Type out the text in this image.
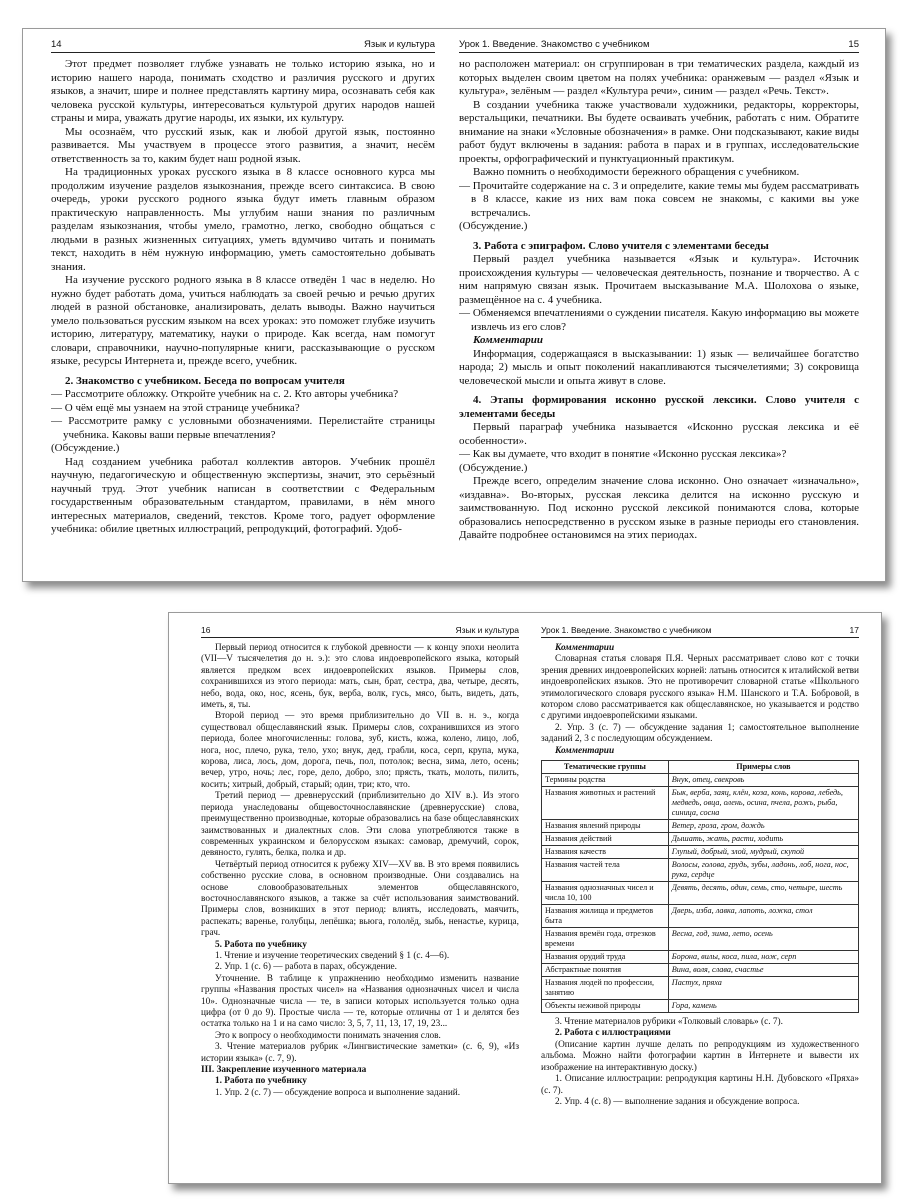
14	Язык и культура

Этот предмет позволяет глубже узнавать не только историю языка, но и историю нашего народа, понимать сходство и различия русского и других языков, а значит, шире и полнее представлять картину мира, осознавать себя как человека русской культуры, интересоваться культурой других народов нашей страны и мира, уважать другие народы, их языки, их культуру.

Мы осознаём, что русский язык, как и любой другой язык, постоянно развивается. Мы участвуем в процессе этого развития, а значит, несём ответственность за то, каким будет наш родной язык.

На традиционных уроках русского языка в 8 классе основного курса мы продолжим изучение разделов языкознания, прежде всего синтаксиса. В свою очередь, уроки русского родного языка будут иметь главным образом практическую направленность. Мы углубим наши знания по различным разделам языкознания, чтобы умело, грамотно, легко, свободно общаться с людьми в разных жизненных ситуациях, уметь вдумчиво читать и понимать текст, находить в нём нужную информацию, уметь самостоятельно добывать знания.

На изучение русского родного языка в 8 классе отведён 1 час в неделю. Но нужно будет работать дома, учиться наблюдать за своей речью и речью других людей в разной обстановке, анализировать, делать выводы. Важно научиться умело пользоваться русским языком на всех уроках: это поможет глубже изучить историю, литературу, математику, науки о природе. Как всегда, нам помогут словари, справочники, научно-популярные книги, рассказывающие о русском языке, ресурсы Интернета и, прежде всего, учебник.

2. Знакомство с учебником. Беседа по вопросам учителя

— Рассмотрите обложку. Откройте учебник на с. 2. Кто авторы учебника?

— О чём ещё мы узнаем на этой странице учебника?

— Рассмотрите рамку с условными обозначениями. Перелистайте страницы учебника. Каковы ваши первые впечатления?

(Обсуждение.)

Над созданием учебника работал коллектив авторов. Учебник прошёл научную, педагогическую и общественную экспертизы, значит, это серьёзный научный труд. Этот учебник написан в соответствии с Федеральным государственным образовательным стандартом, правилами, в нём много интересных материалов, сведений, текстов. Кроме того, радует оформление учебника: обилие цветных иллюстраций, репродукций, фотографий. Удоб-

Урок 1. Введение. Знакомство с учебником	15

но расположен материал: он сгруппирован в три тематических раздела, каждый из которых выделен своим цветом на полях учебника: оранжевым — раздел «Язык и культура», зелёным — раздел «Культура речи», синим — раздел «Речь. Текст».

В создании учебника также участвовали художники, редакторы, корректоры, верстальщики, печатники. Вы будете осваивать учебник, работать с ним. Обратите внимание на знаки «Условные обозначения» в рамке. Они подсказывают, какие виды работ будут включены в задания: работа в парах и в группах, исследовательские проекты, орфографический и пунктуационный практикум.

Важно помнить о необходимости бережного обращения с учебником.

— Прочитайте содержание на с. 3 и определите, какие темы мы будем рассматривать в 8 классе, какие из них вам пока совсем не знакомы, с какими вы уже встречались.

(Обсуждение.)

3. Работа с эпиграфом. Слово учителя с элементами беседы

Первый раздел учебника называется «Язык и культура». Источник происхождения культуры — человеческая деятельность, познание и творчество. А с ним напрямую связан язык. Прочитаем высказывание М.А. Шолохова о языке, размещённое на с. 4 учебника.

— Обменяемся впечатлениями о суждении писателя. Какую информацию вы можете извлечь из его слов?

Комментарии

Информация, содержащаяся в высказывании: 1) язык — величайшее богатство народа; 2) мысль и опыт поколений накапливаются тысячелетиями; 3) сокровища человеческой мысли и опыта живут в слове.

4. Этапы формирования исконно русской лексики. Слово учителя с элементами беседы

Первый параграф учебника называется «Исконно русская лексика и её особенности».

— Как вы думаете, что входит в понятие «Исконно русская лексика»?

(Обсуждение.)

Прежде всего, определим значение слова исконно. Оно означает «изначально», «издавна». Во-вторых, русская лексика делится на исконно русскую и заимствованную. Под исконно русской лексикой понимаются слова, которые образовались непосредственно в русском языке в разные периоды его становления. Давайте подробнее остановимся на этих периодах.

16	Язык и культура

Первый период относится к глубокой древности — к концу эпохи неолита (VII—V тысячелетия до н. э.): это слова индоевропейского языка, который является предком всех индоевропейских языков. Примеры слов, сохранившихся из этого периода: мать, сын, брат, сестра, два, четыре, десять, небо, вода, око, нос, ясень, бук, верба, волк, гусь, мясо, быть, видеть, дать, иметь, я, ты.

Второй период — это время приблизительно до VII в. н. э., когда существовал общеславянский язык. Примеры слов, сохранившихся из этого периода, более многочисленны: голова, зуб, кисть, кожа, колено, лицо, лоб, нога, нос, плечо, рука, тело, ухо; внук, дед, грабли, коса, серп, крупа, мука, корова, лиса, лось, дом, дорога, печь, пол, потолок; весна, зима, лето, осень; вечер, утро, ночь; лес, горе, дело, добро, зло; прясть, ткать, молоть, пилить, косить; хитрый, добрый, старый; один, три; кто, что.

Третий период — древнерусский (приблизительно до XIV в.). Из этого периода унаследованы общевосточнославянские (древнерусские) слова, преимущественно производные, которые образовались на базе общеславянских заимствованных и диалектных слов. Эти слова употребляются также в современных украинском и белорусском языках: самовар, дремучий, сорок, девяносто, гулять, белка, полка и др.

Четвёртый период относится к рубежу XIV—XV вв. В это время появились собственно русские слова, в основном производные. Они создавались на основе словообразовательных элементов общеславянского, восточнославянского языков, а также за счёт использования заимствований. Примеры слов, возникших в этот период: влиять, исследовать, маячить, распекать; варенье, голубцы, лепёшка; вьюга, гололёд, зыбь, ненастье, курица, грач.

5. Работа по учебнику

1. Чтение и изучение теоретических сведений § 1 (с. 4—6).

2. Упр. 1 (с. 6) — работа в парах, обсуждение.

Уточнение. В таблице к упражнению необходимо изменить название группы «Названия простых чисел» на «Названия однозначных чисел и числа 10». Однозначные числа — те, в записи которых используется только одна цифра (от 0 до 9). Простые числа — те, которые отличны от 1 и делятся без остатка только на 1 и на само число: 3, 5, 7, 11, 13, 17, 19, 23...

Это к вопросу о необходимости понимать значения слов.

3. Чтение материалов рубрик «Лингвистические заметки» (с. 6, 9), «Из истории языка» (с. 7, 9).

III. Закрепление изученного материала

1. Работа по учебнику

1. Упр. 2 (с. 7) — обсуждение вопроса и выполнение заданий.

Урок 1. Введение. Знакомство с учебником	17

Комментарии

Словарная статья словаря П.Я. Черных рассматривает слово кот с точки зрения древних индоевропейских корней: латынь относится к италийской ветви индоевропейских языков. Это не противоречит словарной статье «Школьного этимологического словаря русского языка» Н.М. Шанского и Т.А. Бобровой, в котором слово рассматривается как общеславянское, но указывается и родство с другими индоевропейскими языками.

2. Упр. 3 (с. 7) — обсуждение задания 1; самостоятельное выполнение заданий 2, 3 с последующим обсуждением.

Комментарии

Тематические группы	Примеры слов
Термины родства	Внук, отец, свекровь
Названия животных и растений	Бык, верба, заяц, клён, коза, конь, корова, лебедь, медведь, овца, олень, осина, пчела, рожь, рыба, синица, сосна
Названия явлений природы	Ветер, гроза, гром, дождь
Названия действий	Дышать, жать, расти, ходить
Названия качеств	Глупый, добрый, злой, мудрый, скупой
Названия частей тела	Волосы, голова, грудь, зубы, ладонь, лоб, нога, нос, рука, сердце
Названия однозначных чисел и числа 10, 100	Девять, десять, один, семь, сто, четыре, шесть
Названия жилища и предметов быта	Дверь, изба, лавка, лапоть, ложка, стол
Названия времён года, отрезков времени	Весна, год, зима, лето, осень
Названия орудий труда	Борона, вилы, коса, пила, нож, серп
Абстрактные понятия	Вина, воля, слава, счастье
Названия людей по профессии, занятию	Пастух, пряха
Объекты неживой природы	Гора, камень

3. Чтение материалов рубрики «Толковый словарь» (с. 7).

2. Работа с иллюстрациями

(Описание картин лучше делать по репродукциям из художественного альбома. Можно найти фотографии картин в Интернете и вывести их изображение на интерактивную доску.)

1. Описание иллюстрации: репродукция картины Н.Н. Дубовского «Пряха» (с. 7).

2. Упр. 4 (с. 8) — выполнение задания и обсуждение вопроса.
